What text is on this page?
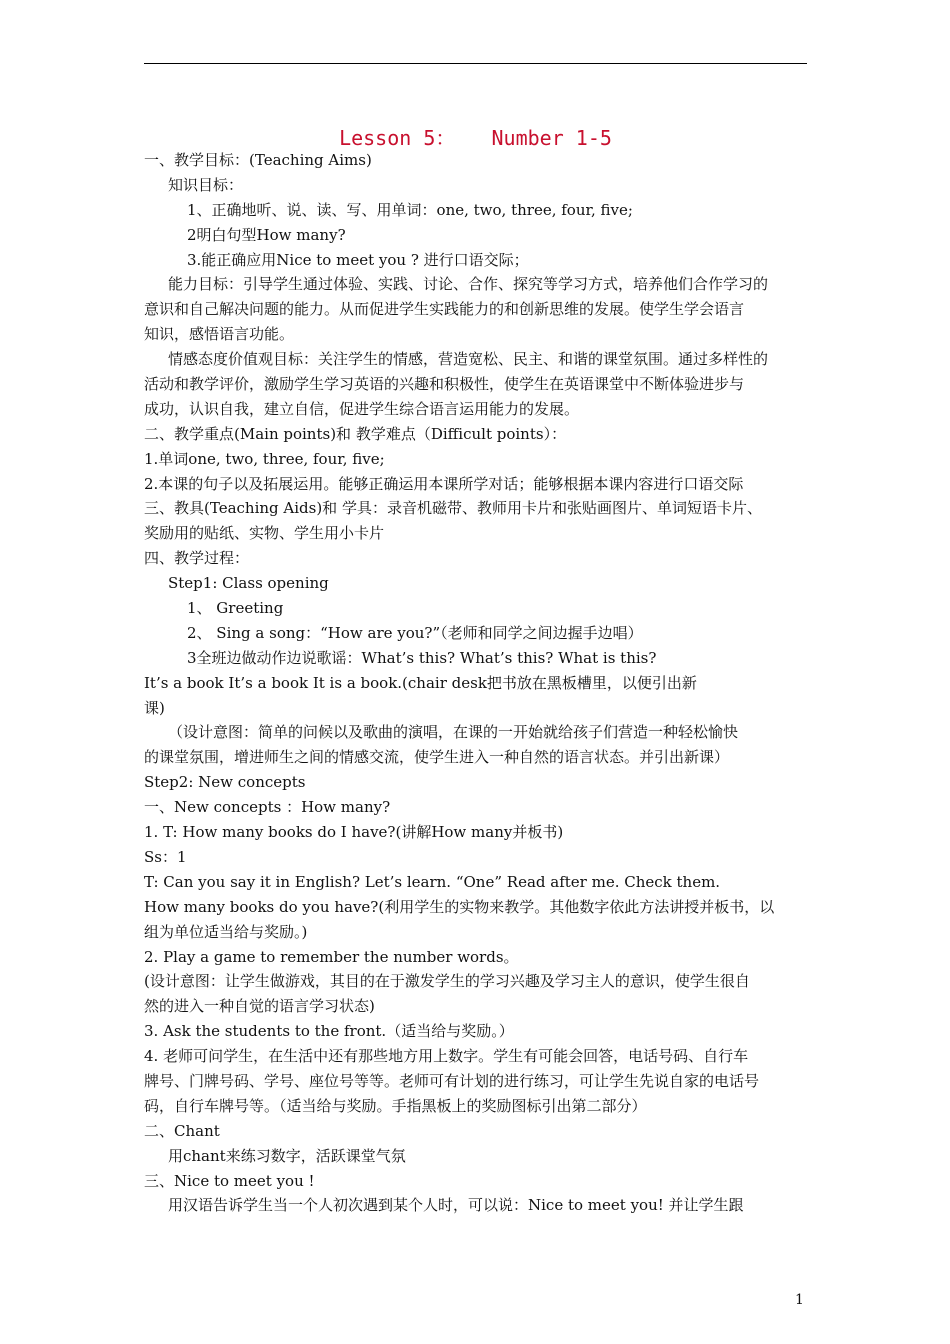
Lesson 5：   Number 1-5
一、教学目标：(Teaching Aims)
知识目标：
1、正确地听、说、读、写、用单词：one, two, three, four, five;
2明白句型How many?
3.能正确应用Nice to meet you ? 进行口语交际；
能力目标：引导学生通过体验、实践、讨论、合作、探究等学习方式，培养他们合作学习的
意识和自己解决问题的能力。从而促进学生实践能力的和创新思维的发展。使学生学会语言
知识，感悟语言功能。
情感态度价值观目标：关注学生的情感，营造宽松、民主、和谐的课堂氛围。通过多样性的
活动和教学评价，激励学生学习英语的兴趣和积极性，使学生在英语课堂中不断体验进步与
成功，认识自我，建立自信，促进学生综合语言运用能力的发展。
二、教学重点(Main points)和 教学难点（Difficult points）：
1.单词one, two, three, four, five;
2.本课的句子以及拓展运用。能够正确运用本课所学对话；能够根据本课内容进行口语交际
三、教具(Teaching Aids)和 学具：录音机磁带、教师用卡片和张贴画图片、单词短语卡片、
奖励用的贴纸、实物、学生用小卡片
四、教学过程：
Step1: Class opening
1、 Greeting
2、 Sing a song：“How are you?”（老师和同学之间边握手边唱）
3全班边做动作边说歌谣：What’s this? What’s this? What is this?
It’s a book It’s a book It is a book.(chair desk把书放在黑板槽里，以便引出新
课)
（设计意图：简单的问候以及歌曲的演唱，在课的一开始就给孩子们营造一种轻松愉快
的课堂氛围，增进师生之间的情感交流，使学生进入一种自然的语言状态。并引出新课）
Step2: New concepts
一、New concepts ：How many?
1. T: How many books do I have?(讲解How many并板书)
Ss：1
T: Can you say it in English? Let’s learn. “One” Read after me. Check them.
How many books do you have?(利用学生的实物来教学。其他数字依此方法讲授并板书，以
组为单位适当给与奖励。)
2. Play a game to remember the number words。
(设计意图：让学生做游戏，其目的在于激发学生的学习兴趣及学习主人的意识，使学生很自
然的进入一种自觉的语言学习状态)
3. Ask the students to the front.（适当给与奖励。）
4. 老师可问学生，在生活中还有那些地方用上数字。学生有可能会回答，电话号码、自行车
牌号、门牌号码、学号、座位号等等。老师可有计划的进行练习，可让学生先说自家的电话号
码，自行车牌号等。（适当给与奖励。手指黑板上的奖励图标引出第二部分）
二、Chant
用chant来练习数字，活跃课堂气氛
三、Nice to meet you !
用汉语告诉学生当一个人初次遇到某个人时，可以说：Nice to meet you! 并让学生跟
1
